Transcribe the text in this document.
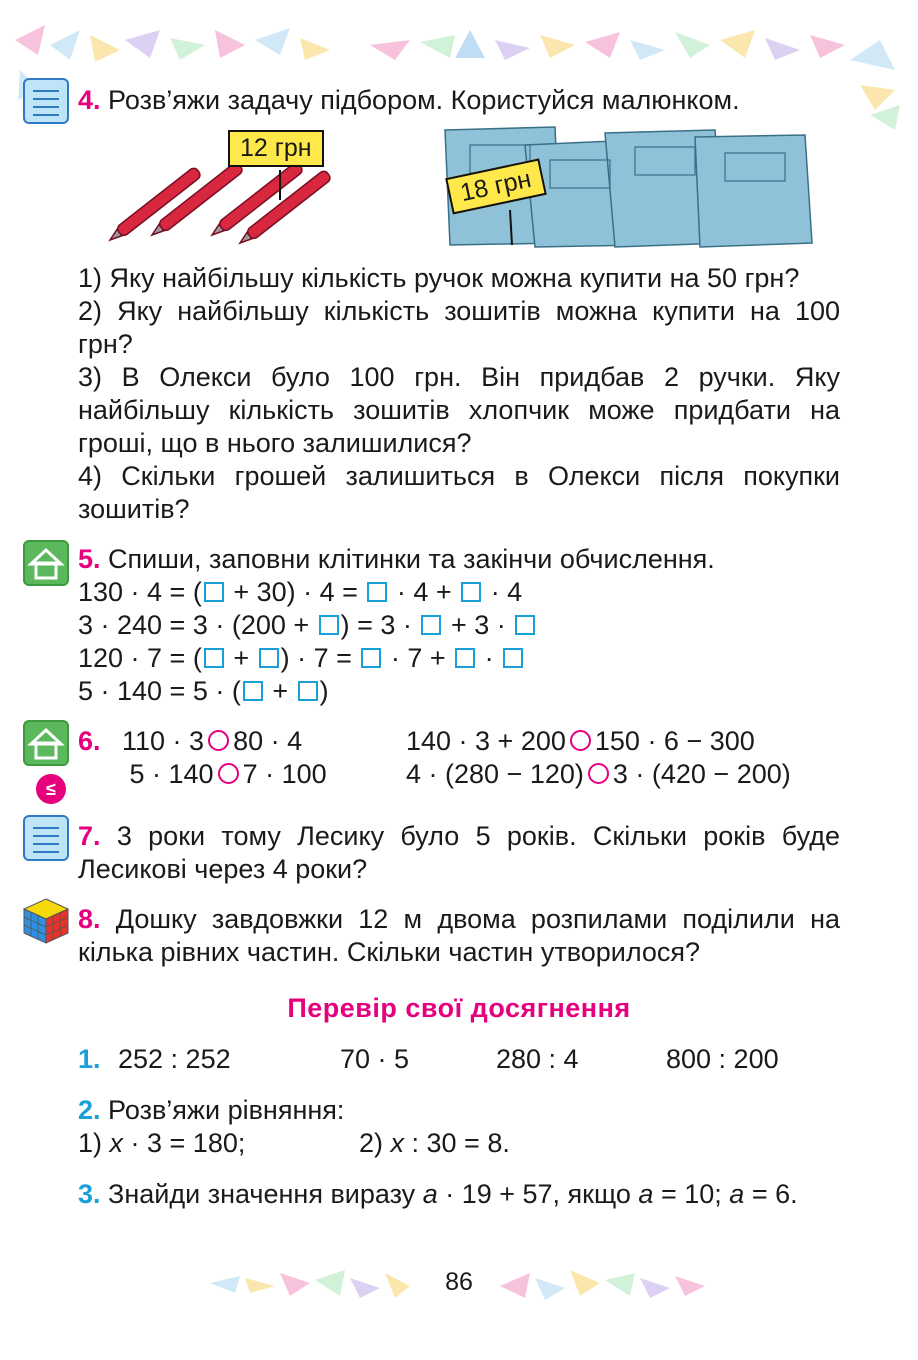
4. Розв’яжи задачу підбором. Користуйся малюнком.
12 грн
18 грн
1) Яку найбільшу кількість ручок можна купити на 50 грн?
2) Яку найбільшу кількість зошитів можна купити на 100 грн?
3) В Олекси було 100 грн. Він придбав 2 ручки. Яку найбільшу кількість зошитів хлопчик може придбати на гроші, що в нього залишилися?
4) Скільки грошей залишиться в Олекси після покупки зошитів?
5. Спиши, заповни клітинки та закінчи обчислення.
130 · 4 = ( + 30) · 4 =  · 4 +  · 4
3 · 240 = 3 · (200 + ) = 3 ·  + 3 ·
120 · 7 = ( + ) · 7 =  · 7 +  ·
5 · 140 = 5 · ( + )
≤
6. 110 · 3 80 · 4	140 · 3 + 200 150 · 6 − 300
5 · 140 7 · 100	4 · (280 − 120) 3 · (420 − 200)
7. 3 роки тому Лесику було 5 років. Скільки років буде Лесикові через 4 роки?
8. Дошку завдовжки 12 м двома розпилами поділили на кілька рівних частин. Скільки частин утворилося?
Перевір свої досягнення
1. 252 : 252	70 · 5	280 : 4	800 : 200
2. Розв’яжи рівняння:
1) x · 3 = 180;	2) x : 30 = 8.
3. Знайди значення виразу a · 19 + 57, якщо a = 10; a = 6.
86
